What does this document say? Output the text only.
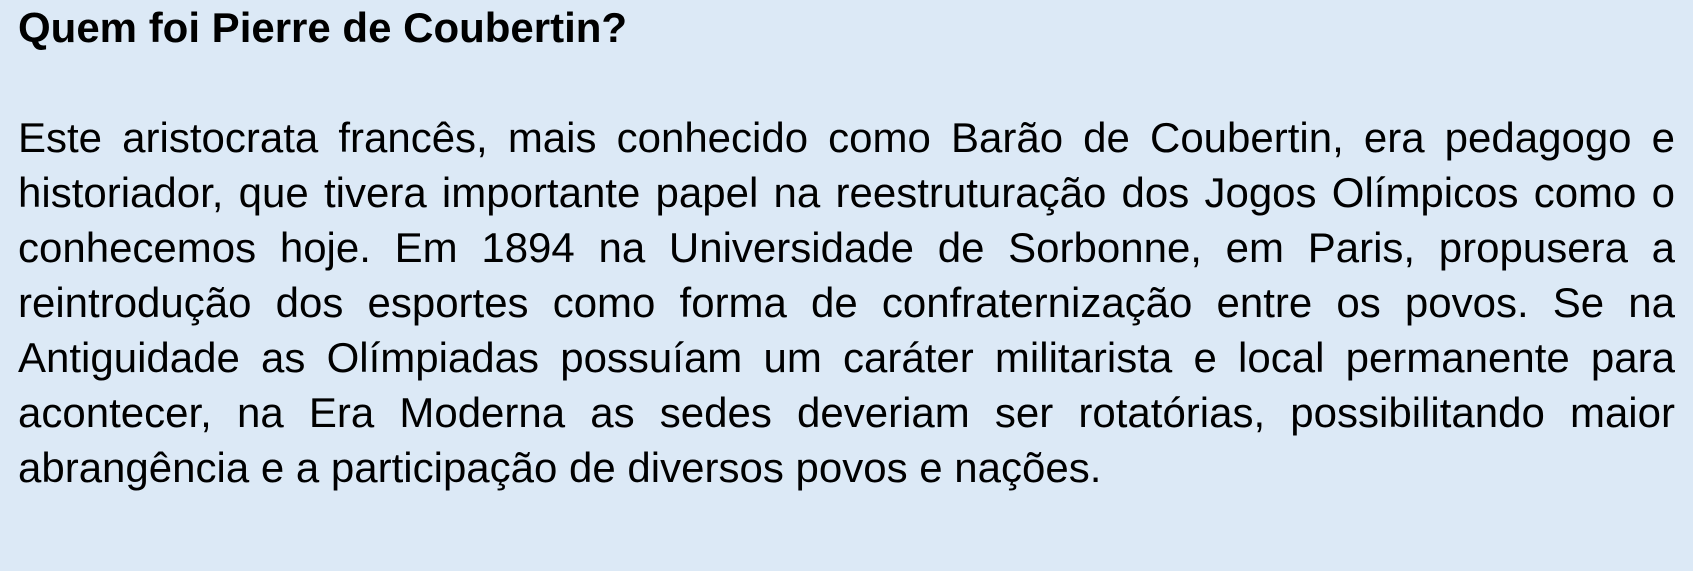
Quem foi Pierre de Coubertin?

Este aristocrata francês, mais conhecido como Barão de Coubertin, era pedagogo e historiador, que tivera importante papel na reestruturação dos Jogos Olímpicos como o conhecemos hoje. Em 1894 na Universidade de Sorbonne, em Paris, propusera a reintrodução dos esportes como forma de confraternização entre os povos. Se na Antiguidade as Olímpiadas possuíam um caráter militarista e local permanente para acontecer, na Era Moderna as sedes deveriam ser rotatórias, possibilitando maior abrangência e a participação de diversos povos e nações.
